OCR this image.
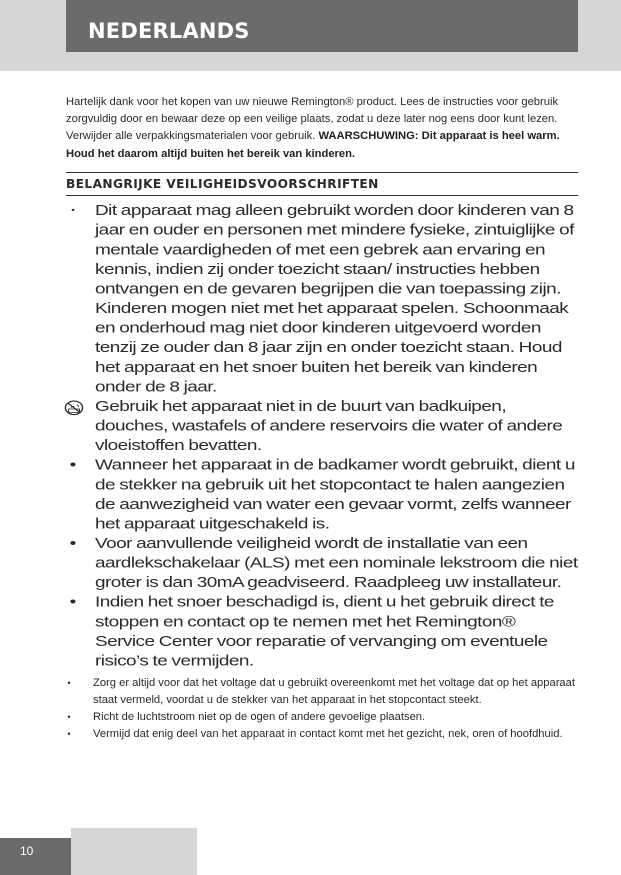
NEDERLANDS

Hartelijk dank voor het kopen van uw nieuwe Remington® product. Lees de instructies voor gebruik zorgvuldig door en bewaar deze op een veilige plaats, zodat u deze later nog eens door kunt lezen. Verwijder alle verpakkingsmaterialen voor gebruik. WAARSCHUWING: Dit apparaat is heel warm. Houd het daarom altijd buiten het bereik van kinderen.

BELANGRIJKE VEILIGHEIDSVOORSCHRIFTEN
• Dit apparaat mag alleen gebruikt worden door kinderen van 8 jaar en ouder en personen met mindere fysieke, zintuiglijke of mentale vaardigheden of met een gebrek aan ervaring en kennis, indien zij onder toezicht staan/ instructies hebben ontvangen en de gevaren begrijpen die van toepassing zijn. Kinderen mogen niet met het apparaat spelen. Schoonmaak en onderhoud mag niet door kinderen uitgevoerd worden tenzij ze ouder dan 8 jaar zijn en onder toezicht staan. Houd het apparaat en het snoer buiten het bereik van kinderen onder de 8 jaar.
Gebruik het apparaat niet in de buurt van badkuipen, douches, wastafels of andere reservoirs die water of andere vloeistoffen bevatten.
• Wanneer het apparaat in de badkamer wordt gebruikt, dient u de stekker na gebruik uit het stopcontact te halen aangezien de aanwezigheid van water een gevaar vormt, zelfs wanneer het apparaat uitgeschakeld is.
• Voor aanvullende veiligheid wordt de installatie van een aardlekschakelaar (ALS) met een nominale lekstroom die niet groter is dan 30mA geadviseerd. Raadpleeg uw installateur.
• Indien het snoer beschadigd is, dient u het gebruik direct te stoppen en contact op te nemen met het Remington® Service Center voor reparatie of vervanging om eventuele risico’s te vermijden.
• Zorg er altijd voor dat het voltage dat u gebruikt overeenkomt met het voltage dat op het apparaat staat vermeld, voordat u de stekker van het apparaat in het stopcontact steekt.
• Richt de luchtstroom niet op de ogen of andere gevoelige plaatsen.
• Vermijd dat enig deel van het apparaat in contact komt met het gezicht, nek, oren of hoofdhuid.
10
